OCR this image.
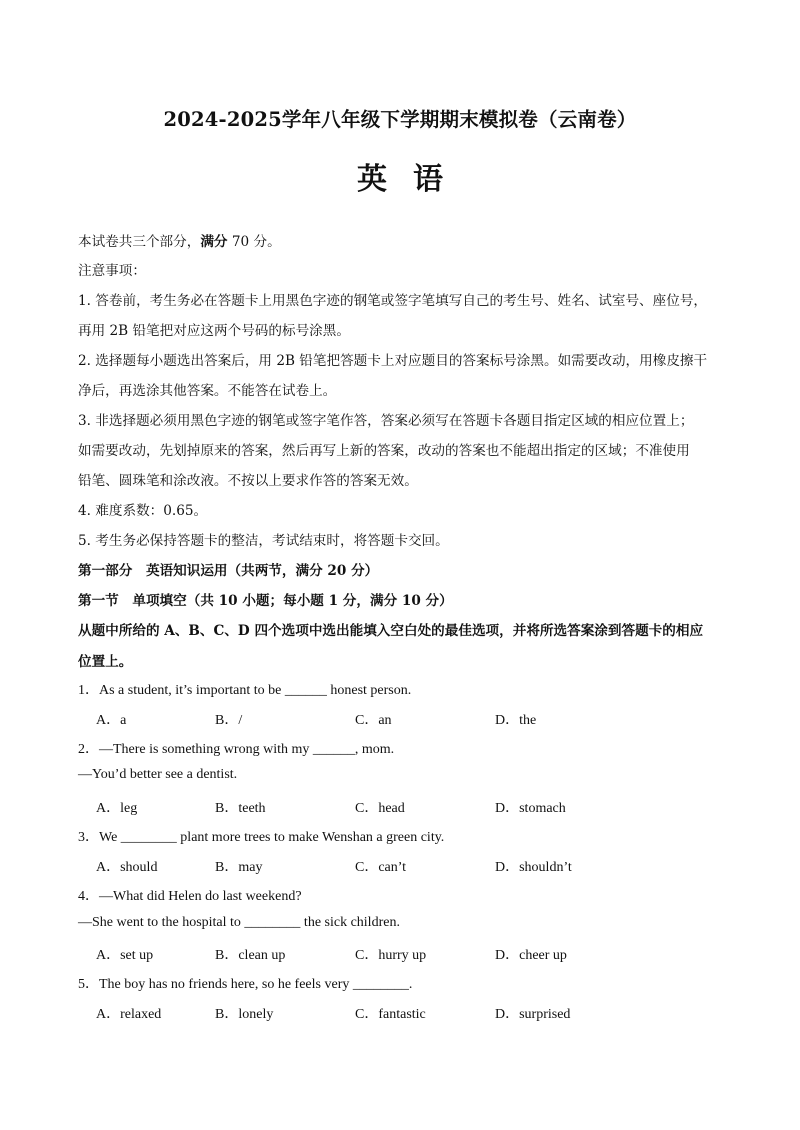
2024-2025学年八年级下学期期末模拟卷（云南卷）
英语
本试卷共三个部分，满分 70 分。
注意事项：
1. 答卷前，考生务必在答题卡上用黑色字迹的钢笔或签字笔填写自己的考生号、姓名、试室号、座位号，
再用 2B 铅笔把对应这两个号码的标号涂黑。
2. 选择题每小题选出答案后，用 2B 铅笔把答题卡上对应题目的答案标号涂黑。如需要改动，用橡皮擦干
净后，再选涂其他答案。不能答在试卷上。
3. 非选择题必须用黑色字迹的钢笔或签字笔作答，答案必须写在答题卡各题目指定区域的相应位置上；
如需要改动，先划掉原来的答案，然后再写上新的答案，改动的答案也不能超出指定的区域；不准使用
铅笔、圆珠笔和涂改液。不按以上要求作答的答案无效。
4. 难度系数：0.65。
5. 考生务必保持答题卡的整洁，考试结束时，将答题卡交回。
第一部分　英语知识运用（共两节，满分 20 分）
第一节　单项填空（共 10 小题；每小题 1 分，满分 10 分）
从题中所给的 A、B、C、D 四个选项中选出能填入空白处的最佳选项，并将所选答案涂到答题卡的相应
位置上。
1．As a student, it’s important to be ______ honest person.
A．a	B．/	C．an	D．the
2．—There is something wrong with my ______, mom.
—You’d better see a dentist.
A．leg	B．teeth	C．head	D．stomach
3．We ________ plant more trees to make Wenshan a green city.
A．should	B．may	C．can’t	D．shouldn’t
4．—What did Helen do last weekend?
—She went to the hospital to ________ the sick children.
A．set up	B．clean up	C．hurry up	D．cheer up
5．The boy has no friends here, so he feels very ________.
A．relaxed	B．lonely	C．fantastic	D．surprised
